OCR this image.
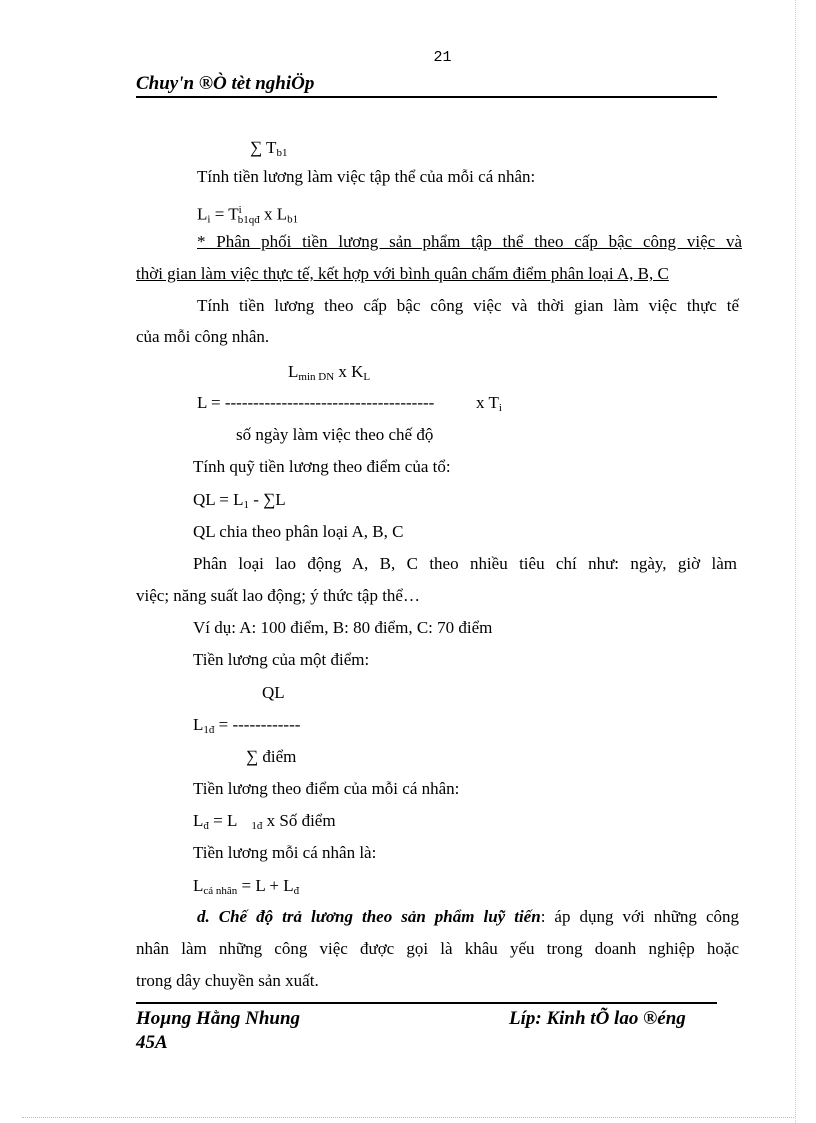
21
Chuy'n ®Ò tèt nghiÖp
∑ $T_{b1}$
Tính tiền lương làm việc tập thể của mỗi cá nhân:
$L_i = T^i_{b1qđ}$ x $L_{b1}$
* Phân phối tiền lương sản phẩm tập thể theo cấp bậc công việc và
thời gian làm việc thực tế, kết hợp với bình quân chấm điểm phân loại A, B, C
Tính tiền lương theo cấp bậc công việc và thời gian làm việc thực tế
của mỗi công nhân.
$L_{min DN}$ x $K_L$
L = ------------------------------------- x $T_i$
số ngày làm việc theo chế độ
Tính quỹ tiền lương theo điểm của tổ:
QL = $L_1 - \sum L$
QL chia theo phân loại A, B, C
Phân loại lao động A, B, C theo nhiều tiêu chí như: ngày, giờ làm
việc; năng suất lao động; ý thức tập thể…
Ví dụ: A: 100 điểm, B: 80 điểm, C: 70 điểm
Tiền lương của một điểm:
QL
$L_{1đ}$ = ------------
∑ điểm
Tiền lương theo điểm của mỗi cá nhân:
$L_đ = L$ $_{1đ}$ x Số điểm
Tiền lương mỗi cá nhân là:
$L_{cá nhân} = L + L_đ$
d. Chế độ trả lương theo sản phẩm luỹ tiến: áp dụng với những công
nhân làm những công việc được gọi là khâu yếu trong doanh nghiệp hoặc
trong dây chuyền sản xuất.
Hoµng Hằng Nhung	Líp: Kinh tÕ lao ®éng
45A
